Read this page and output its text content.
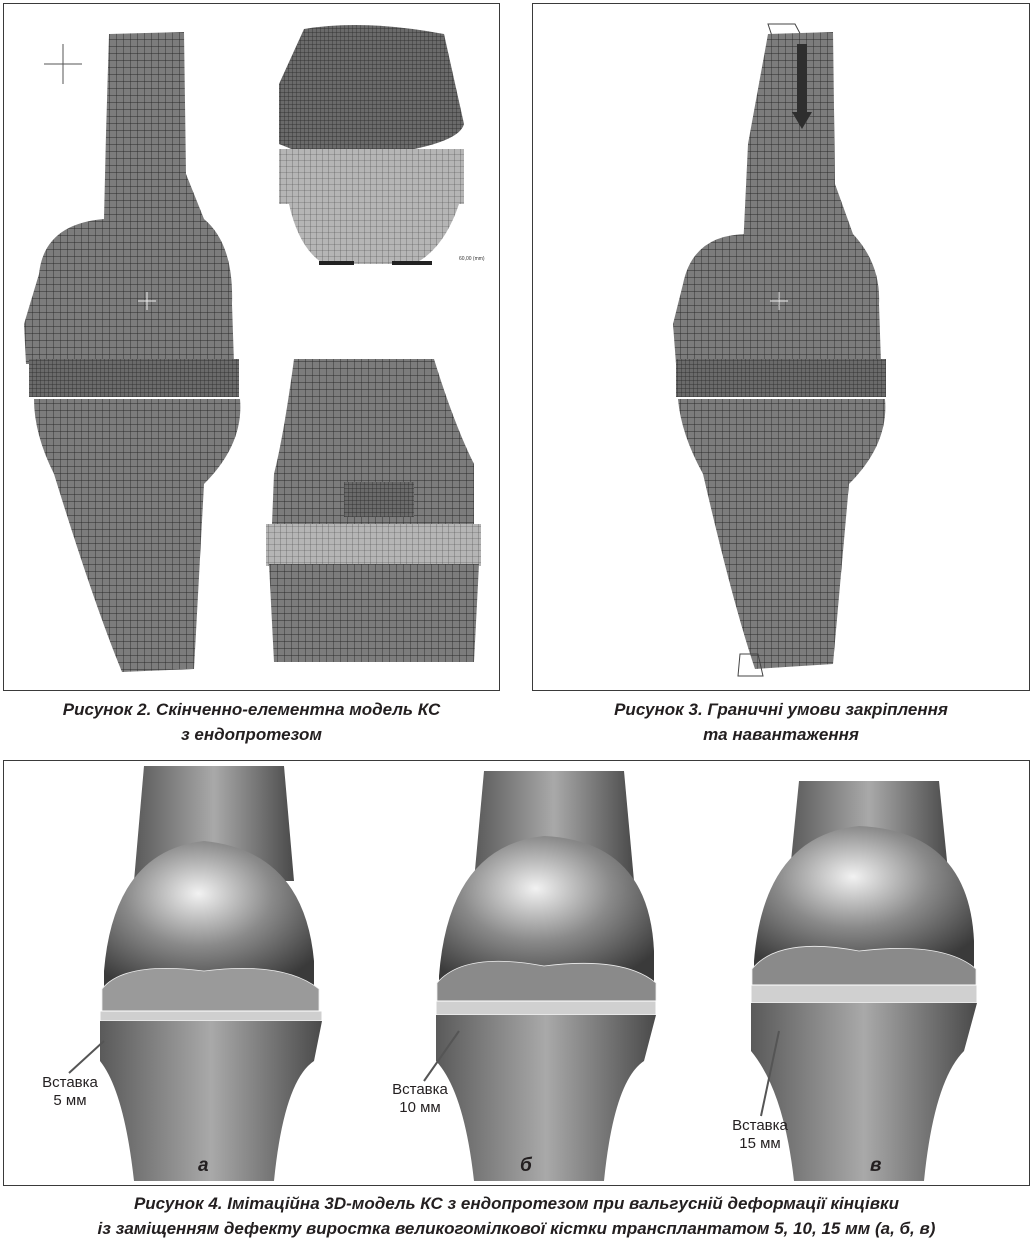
60,00 (mm)
Рисунок 2. Скінченно-елементна модель КС
з ендопротезом
Рисунок 3. Граничні умови закріплення
та навантаження
Вставка
5 мм
Вставка
10 мм
Вставка
15 мм
а	б	в
Рисунок 4. Імітаційна 3D-модель КС з ендопротезом при вальгусній деформації кінцівки
із заміщенням дефекту виростка великогомілкової кістки трансплантатом 5, 10, 15 мм (а, б, в)
